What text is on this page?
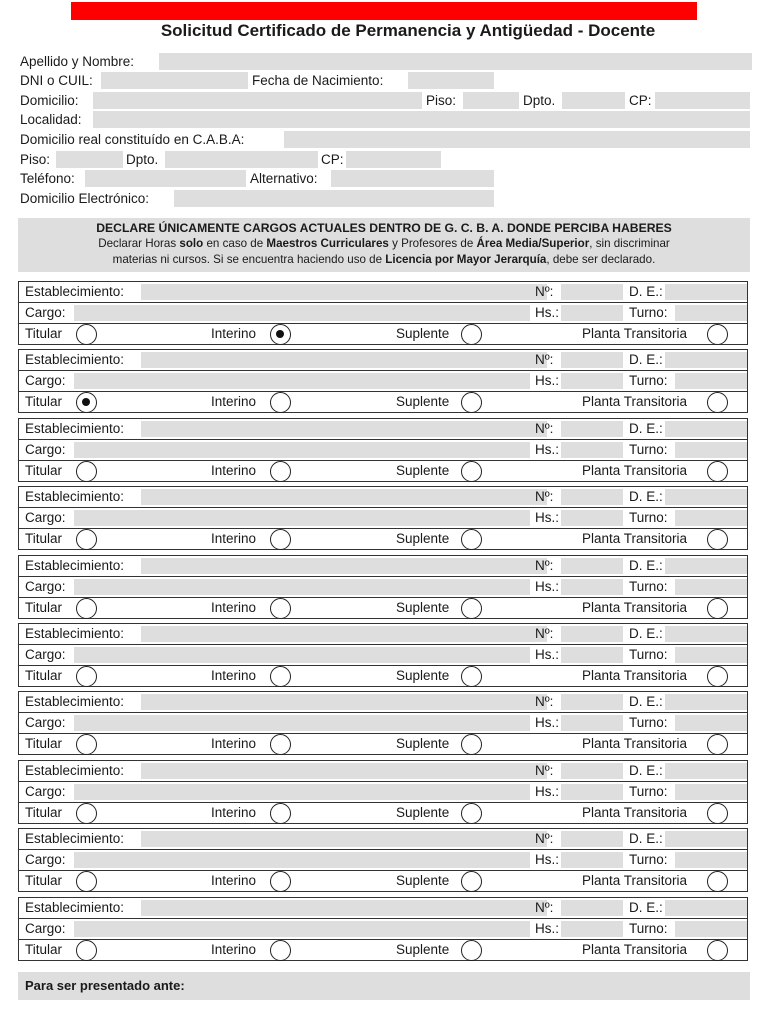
Solicitud Certificado de Permanencia y Antigüedad - Docente
Apellido y Nombre:
DNI o CUIL:	Fecha de Nacimiento:
Domicilio:	Piso:	Dpto.	CP:
Localidad:
Domicilio real constituído en C.A.B.A:
Piso:	Dpto.	CP:
Teléfono:	Alternativo:
Domicilio Electrónico:
DECLARE ÚNICAMENTE CARGOS ACTUALES DENTRO DE G. C. B. A. DONDE PERCIBA HABERES
Declarar Horas solo en caso de Maestros Curriculares y Profesores de Área Media/Superior, sin discriminar
materias ni cursos. Si se encuentra haciendo uso de Licencia por Mayor Jerarquía, debe ser declarado.
Establecimiento:	Nº:	D. E.:
Cargo:	Hs.:	Turno:
Titular	Interino	Suplente	Planta Transitoria
Establecimiento:	Nº:	D. E.:
Cargo:	Hs.:	Turno:
Titular	Interino	Suplente	Planta Transitoria
Establecimiento:	Nº:	D. E.:
Cargo:	Hs.:	Turno:
Titular	Interino	Suplente	Planta Transitoria
Establecimiento:	Nº:	D. E.:
Cargo:	Hs.:	Turno:
Titular	Interino	Suplente	Planta Transitoria
Establecimiento:	Nº:	D. E.:
Cargo:	Hs.:	Turno:
Titular	Interino	Suplente	Planta Transitoria
Establecimiento:	Nº:	D. E.:
Cargo:	Hs.:	Turno:
Titular	Interino	Suplente	Planta Transitoria
Establecimiento:	Nº:	D. E.:
Cargo:	Hs.:	Turno:
Titular	Interino	Suplente	Planta Transitoria
Establecimiento:	Nº:	D. E.:
Cargo:	Hs.:	Turno:
Titular	Interino	Suplente	Planta Transitoria
Establecimiento:	Nº:	D. E.:
Cargo:	Hs.:	Turno:
Titular	Interino	Suplente	Planta Transitoria
Establecimiento:	Nº:	D. E.:
Cargo:	Hs.:	Turno:
Titular	Interino	Suplente	Planta Transitoria
Para ser presentado ante:
